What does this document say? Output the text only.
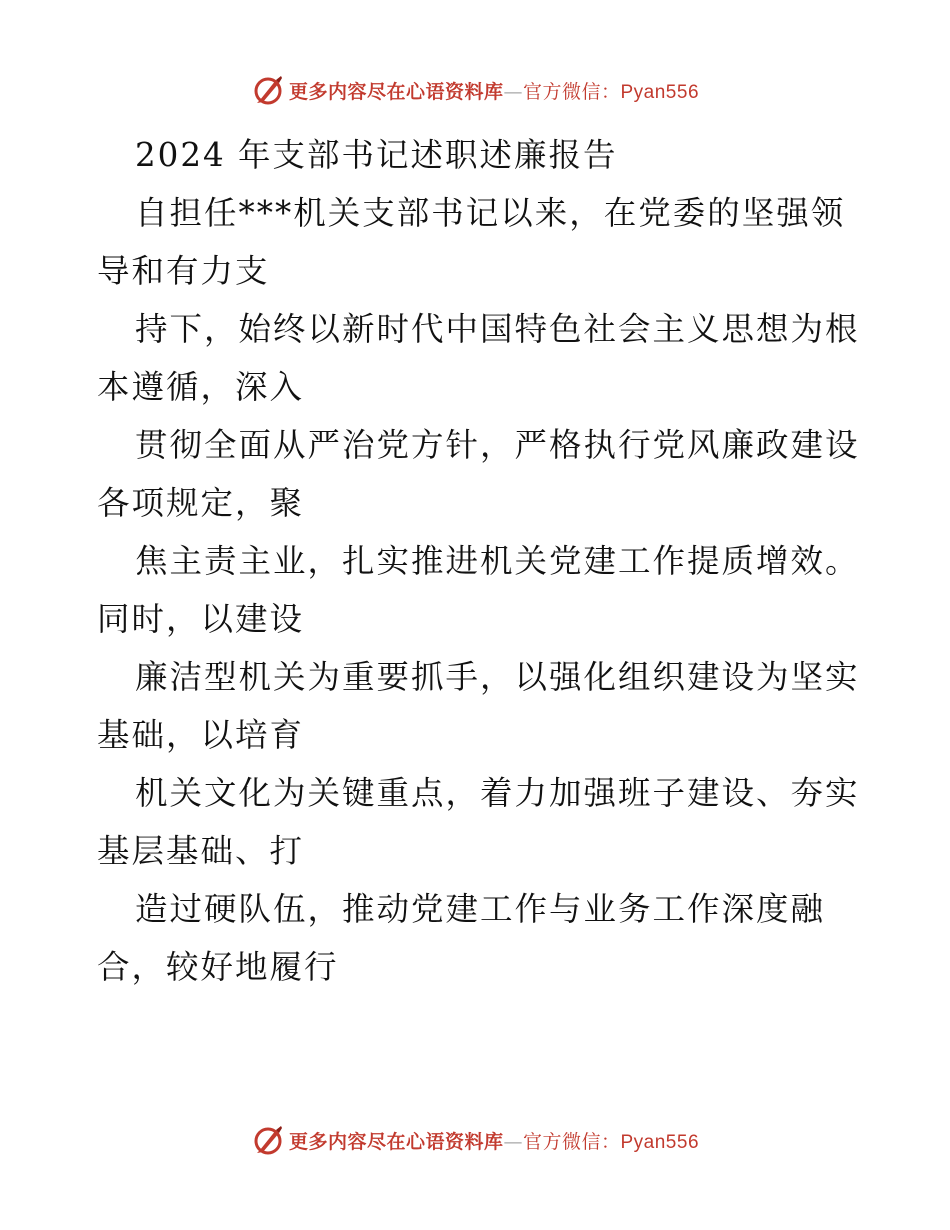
更多内容尽在心语资料库—官方微信：Pyan556
2024 年支部书记述职述廉报告
自担任***机关支部书记以来，在党委的坚强领
导和有力支
持下，始终以新时代中国特色社会主义思想为根
本遵循，深入
贯彻全面从严治党方针，严格执行党风廉政建设
各项规定，聚
焦主责主业，扎实推进机关党建工作提质增效。
同时，以建设
廉洁型机关为重要抓手，以强化组织建设为坚实
基础，以培育
机关文化为关键重点，着力加强班子建设、夯实
基层基础、打
造过硬队伍，推动党建工作与业务工作深度融
合，较好地履行
更多内容尽在心语资料库—官方微信：Pyan556
